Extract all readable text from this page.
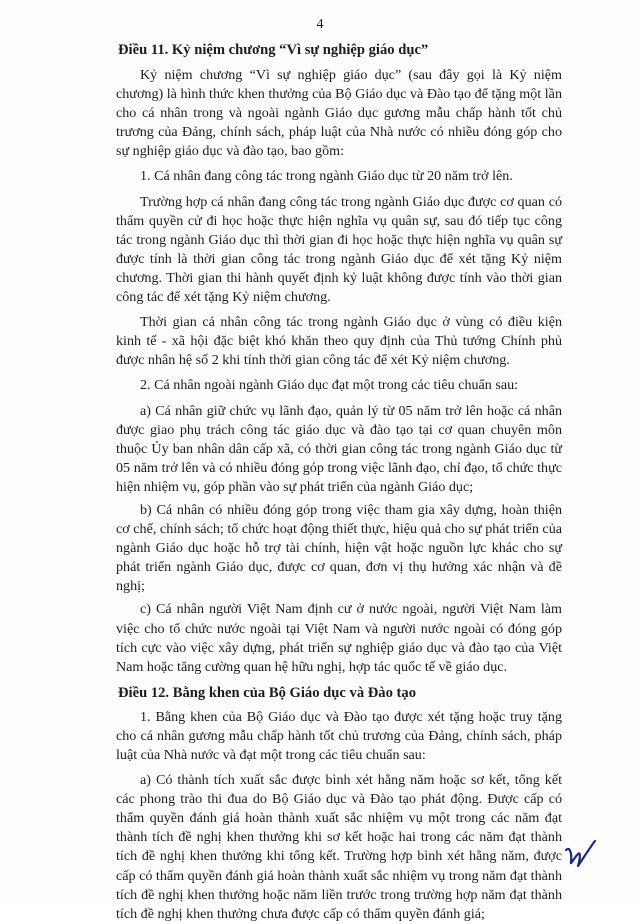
4
Điều 11. Kỷ niệm chương “Vì sự nghiệp giáo dục”

Kỷ niệm chương “Vì sự nghiệp giáo dục” (sau đây gọi là Kỷ niệm chương) là hình thức khen thưởng của Bộ Giáo dục và Đào tạo để tặng một lần cho cá nhân trong và ngoài ngành Giáo dục gương mẫu chấp hành tốt chủ trương của Đảng, chính sách, pháp luật của Nhà nước có nhiều đóng góp cho sự nghiệp giáo dục và đào tạo, bao gồm:

1. Cá nhân đang công tác trong ngành Giáo dục từ 20 năm trở lên.

Trường hợp cá nhân đang công tác trong ngành Giáo dục được cơ quan có thẩm quyền cử đi học hoặc thực hiện nghĩa vụ quân sự, sau đó tiếp tục công tác trong ngành Giáo dục thì thời gian đi học hoặc thực hiện nghĩa vụ quân sự được tính là thời gian công tác trong ngành Giáo dục để xét tặng Kỷ niệm chương. Thời gian thi hành quyết định kỷ luật không được tính vào thời gian công tác để xét tặng Kỷ niệm chương.

Thời gian cá nhân công tác trong ngành Giáo dục ở vùng có điều kiện kinh tế - xã hội đặc biệt khó khăn theo quy định của Thủ tướng Chính phủ được nhân hệ số 2 khi tính thời gian công tác để xét Kỷ niệm chương.

2. Cá nhân ngoài ngành Giáo dục đạt một trong các tiêu chuẩn sau:

a) Cá nhân giữ chức vụ lãnh đạo, quản lý từ 05 năm trở lên hoặc cá nhân được giao phụ trách công tác giáo dục và đào tạo tại cơ quan chuyên môn thuộc Ủy ban nhân dân cấp xã, có thời gian công tác trong ngành Giáo dục từ 05 năm trở lên và có nhiều đóng góp trong việc lãnh đạo, chỉ đạo, tổ chức thực hiện nhiệm vụ, góp phần vào sự phát triển của ngành Giáo dục;

b) Cá nhân có nhiều đóng góp trong việc tham gia xây dựng, hoàn thiện cơ chế, chính sách; tổ chức hoạt động thiết thực, hiệu quả cho sự phát triển của ngành Giáo dục hoặc hỗ trợ tài chính, hiện vật hoặc nguồn lực khác cho sự phát triển ngành Giáo dục, được cơ quan, đơn vị thụ hưởng xác nhận và đề nghị;

c) Cá nhân người Việt Nam định cư ở nước ngoài, người Việt Nam làm việc cho tổ chức nước ngoài tại Việt Nam và người nước ngoài có đóng góp tích cực vào việc xây dựng, phát triển sự nghiệp giáo dục và đào tạo của Việt Nam hoặc tăng cường quan hệ hữu nghị, hợp tác quốc tế về giáo dục.

Điều 12. Bằng khen của Bộ Giáo dục và Đào tạo

1. Bằng khen của Bộ Giáo dục và Đào tạo được xét tặng hoặc truy tặng cho cá nhân gương mẫu chấp hành tốt chủ trương của Đảng, chính sách, pháp luật của Nhà nước và đạt một trong các tiêu chuẩn sau:

a) Có thành tích xuất sắc được bình xét hằng năm hoặc sơ kết, tổng kết các phong trào thi đua do Bộ Giáo dục và Đào tạo phát động. Được cấp có thẩm quyền đánh giá hoàn thành xuất sắc nhiệm vụ một trong các năm đạt thành tích đề nghị khen thưởng khi sơ kết hoặc hai trong các năm đạt thành tích đề nghị khen thưởng khi tổng kết. Trường hợp bình xét hằng năm, được cấp có thẩm quyền đánh giá hoàn thành xuất sắc nhiệm vụ trong năm đạt thành tích đề nghị khen thưởng hoặc năm liền trước trong trường hợp năm đạt thành tích đề nghị khen thưởng chưa được cấp có thẩm quyền đánh giá;
